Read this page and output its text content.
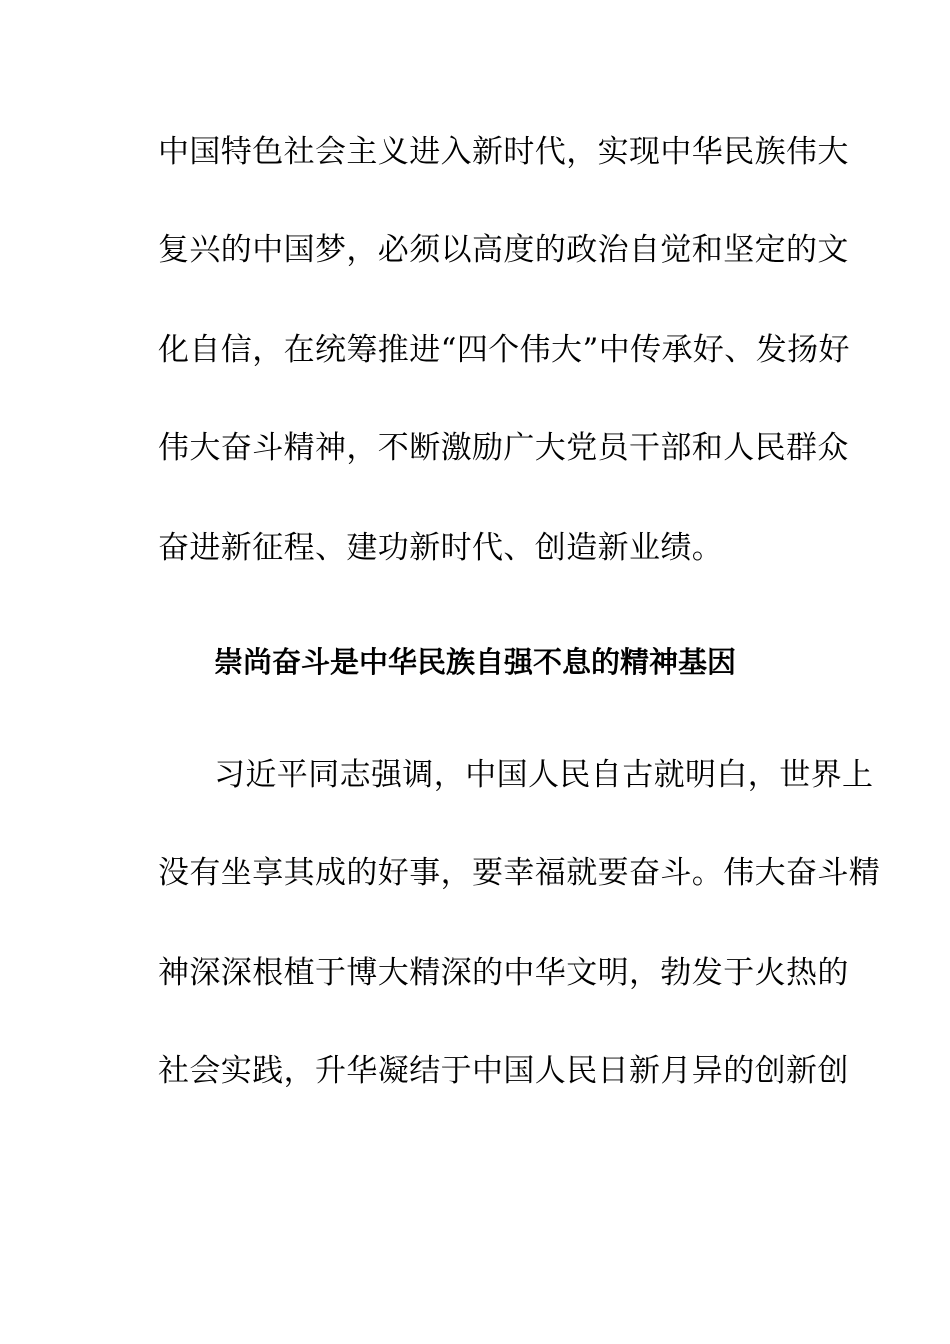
中国特色社会主义进入新时代，实现中华民族伟大
复兴的中国梦，必须以高度的政治自觉和坚定的文
化自信，在统筹推进“四个伟大”中传承好、发扬好
伟大奋斗精神，不断激励广大党员干部和人民群众
奋进新征程、建功新时代、创造新业绩。
崇尚奋斗是中华民族自强不息的精神基因
习近平同志强调，中国人民自古就明白，世界上
没有坐享其成的好事，要幸福就要奋斗。伟大奋斗精
神深深根植于博大精深的中华文明，勃发于火热的
社会实践，升华凝结于中国人民日新月异的创新创
